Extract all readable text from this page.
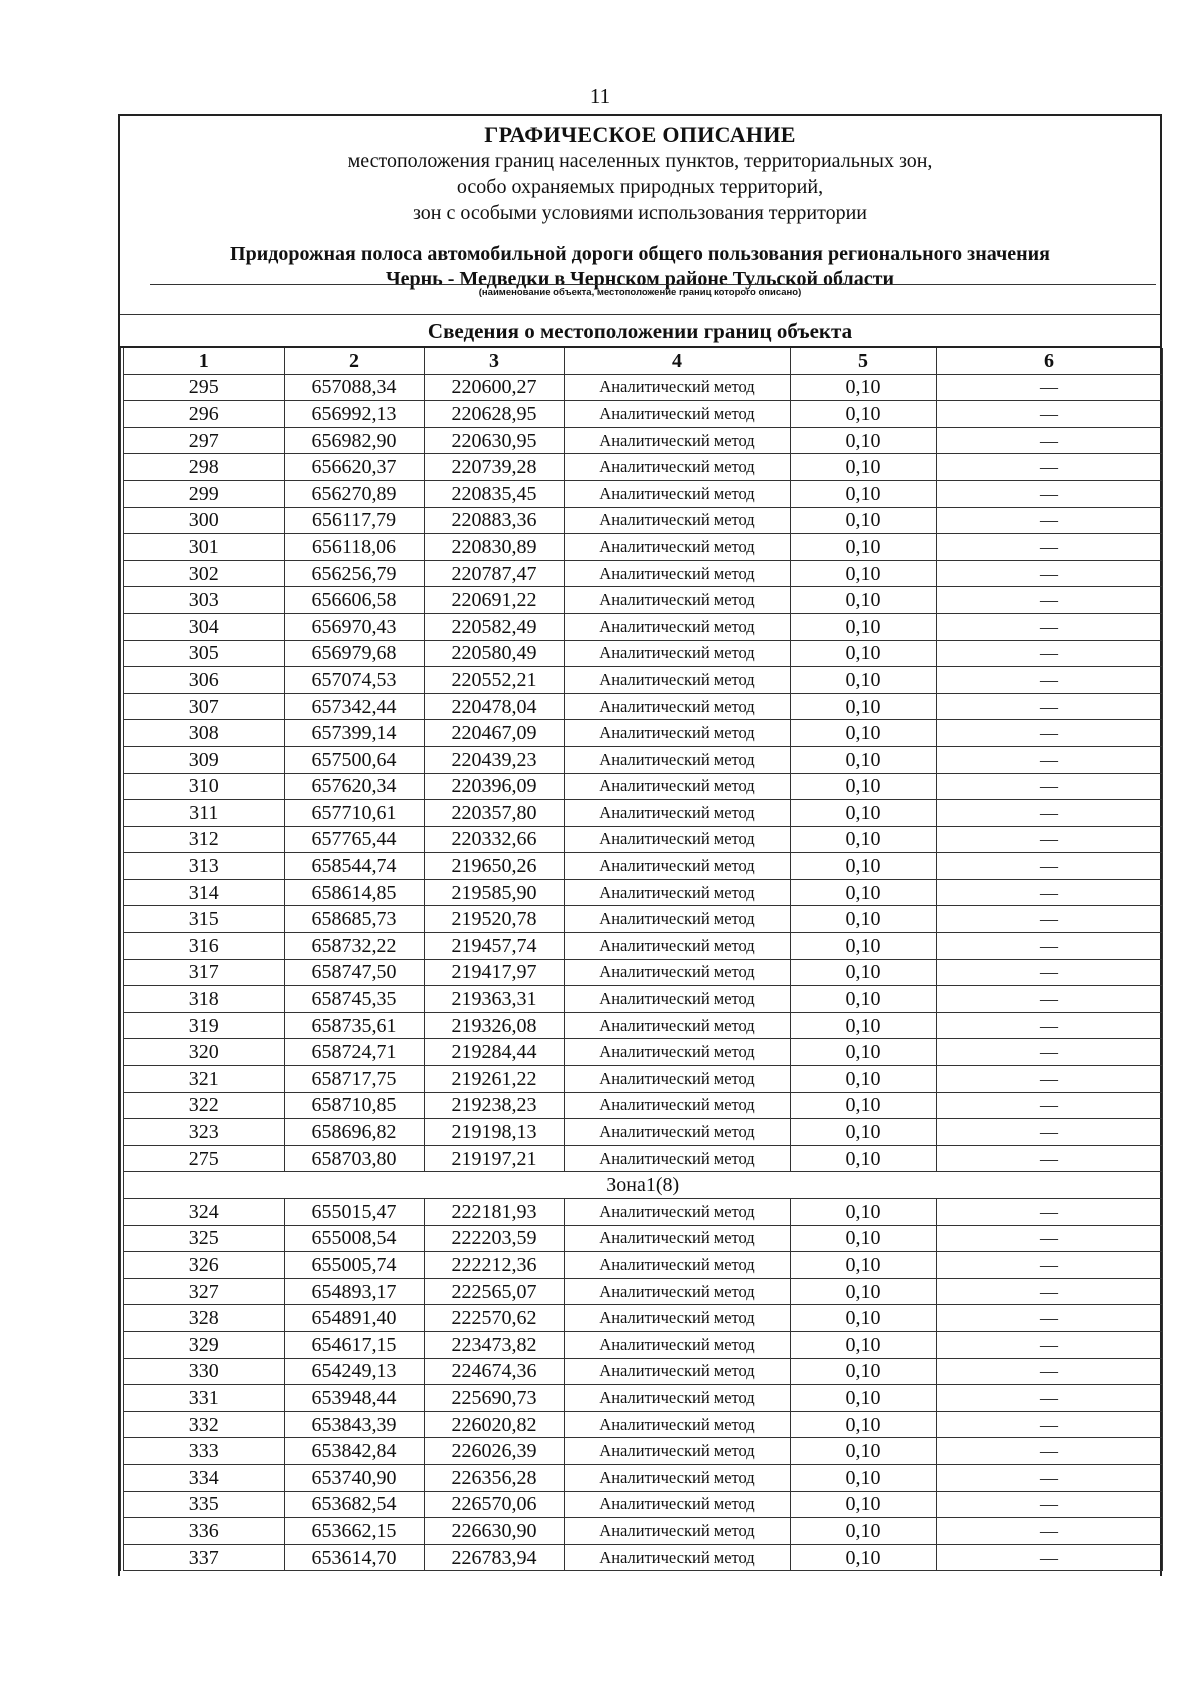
11
ГРАФИЧЕСКОЕ ОПИСАНИЕ
местоположения границ населенных пунктов, территориальных зон,
особо охраняемых природных территорий,
зон с особыми условиями использования территории
Придорожная полоса автомобильной дороги общего пользования регионального значения
Чернь - Медведки в Чернском районе Тульской области
(наименование объекта, местоположение границ которого описано)
Сведения о местоположении границ объекта
1	2	3	4	5	6
295	657088,34	220600,27	Аналитический метод	0,10	—
296	656992,13	220628,95	Аналитический метод	0,10	—
297	656982,90	220630,95	Аналитический метод	0,10	—
298	656620,37	220739,28	Аналитический метод	0,10	—
299	656270,89	220835,45	Аналитический метод	0,10	—
300	656117,79	220883,36	Аналитический метод	0,10	—
301	656118,06	220830,89	Аналитический метод	0,10	—
302	656256,79	220787,47	Аналитический метод	0,10	—
303	656606,58	220691,22	Аналитический метод	0,10	—
304	656970,43	220582,49	Аналитический метод	0,10	—
305	656979,68	220580,49	Аналитический метод	0,10	—
306	657074,53	220552,21	Аналитический метод	0,10	—
307	657342,44	220478,04	Аналитический метод	0,10	—
308	657399,14	220467,09	Аналитический метод	0,10	—
309	657500,64	220439,23	Аналитический метод	0,10	—
310	657620,34	220396,09	Аналитический метод	0,10	—
311	657710,61	220357,80	Аналитический метод	0,10	—
312	657765,44	220332,66	Аналитический метод	0,10	—
313	658544,74	219650,26	Аналитический метод	0,10	—
314	658614,85	219585,90	Аналитический метод	0,10	—
315	658685,73	219520,78	Аналитический метод	0,10	—
316	658732,22	219457,74	Аналитический метод	0,10	—
317	658747,50	219417,97	Аналитический метод	0,10	—
318	658745,35	219363,31	Аналитический метод	0,10	—
319	658735,61	219326,08	Аналитический метод	0,10	—
320	658724,71	219284,44	Аналитический метод	0,10	—
321	658717,75	219261,22	Аналитический метод	0,10	—
322	658710,85	219238,23	Аналитический метод	0,10	—
323	658696,82	219198,13	Аналитический метод	0,10	—
275	658703,80	219197,21	Аналитический метод	0,10	—
Зона1(8)					
324	655015,47	222181,93	Аналитический метод	0,10	—
325	655008,54	222203,59	Аналитический метод	0,10	—
326	655005,74	222212,36	Аналитический метод	0,10	—
327	654893,17	222565,07	Аналитический метод	0,10	—
328	654891,40	222570,62	Аналитический метод	0,10	—
329	654617,15	223473,82	Аналитический метод	0,10	—
330	654249,13	224674,36	Аналитический метод	0,10	—
331	653948,44	225690,73	Аналитический метод	0,10	—
332	653843,39	226020,82	Аналитический метод	0,10	—
333	653842,84	226026,39	Аналитический метод	0,10	—
334	653740,90	226356,28	Аналитический метод	0,10	—
335	653682,54	226570,06	Аналитический метод	0,10	—
336	653662,15	226630,90	Аналитический метод	0,10	—
337	653614,70	226783,94	Аналитический метод	0,10	—
